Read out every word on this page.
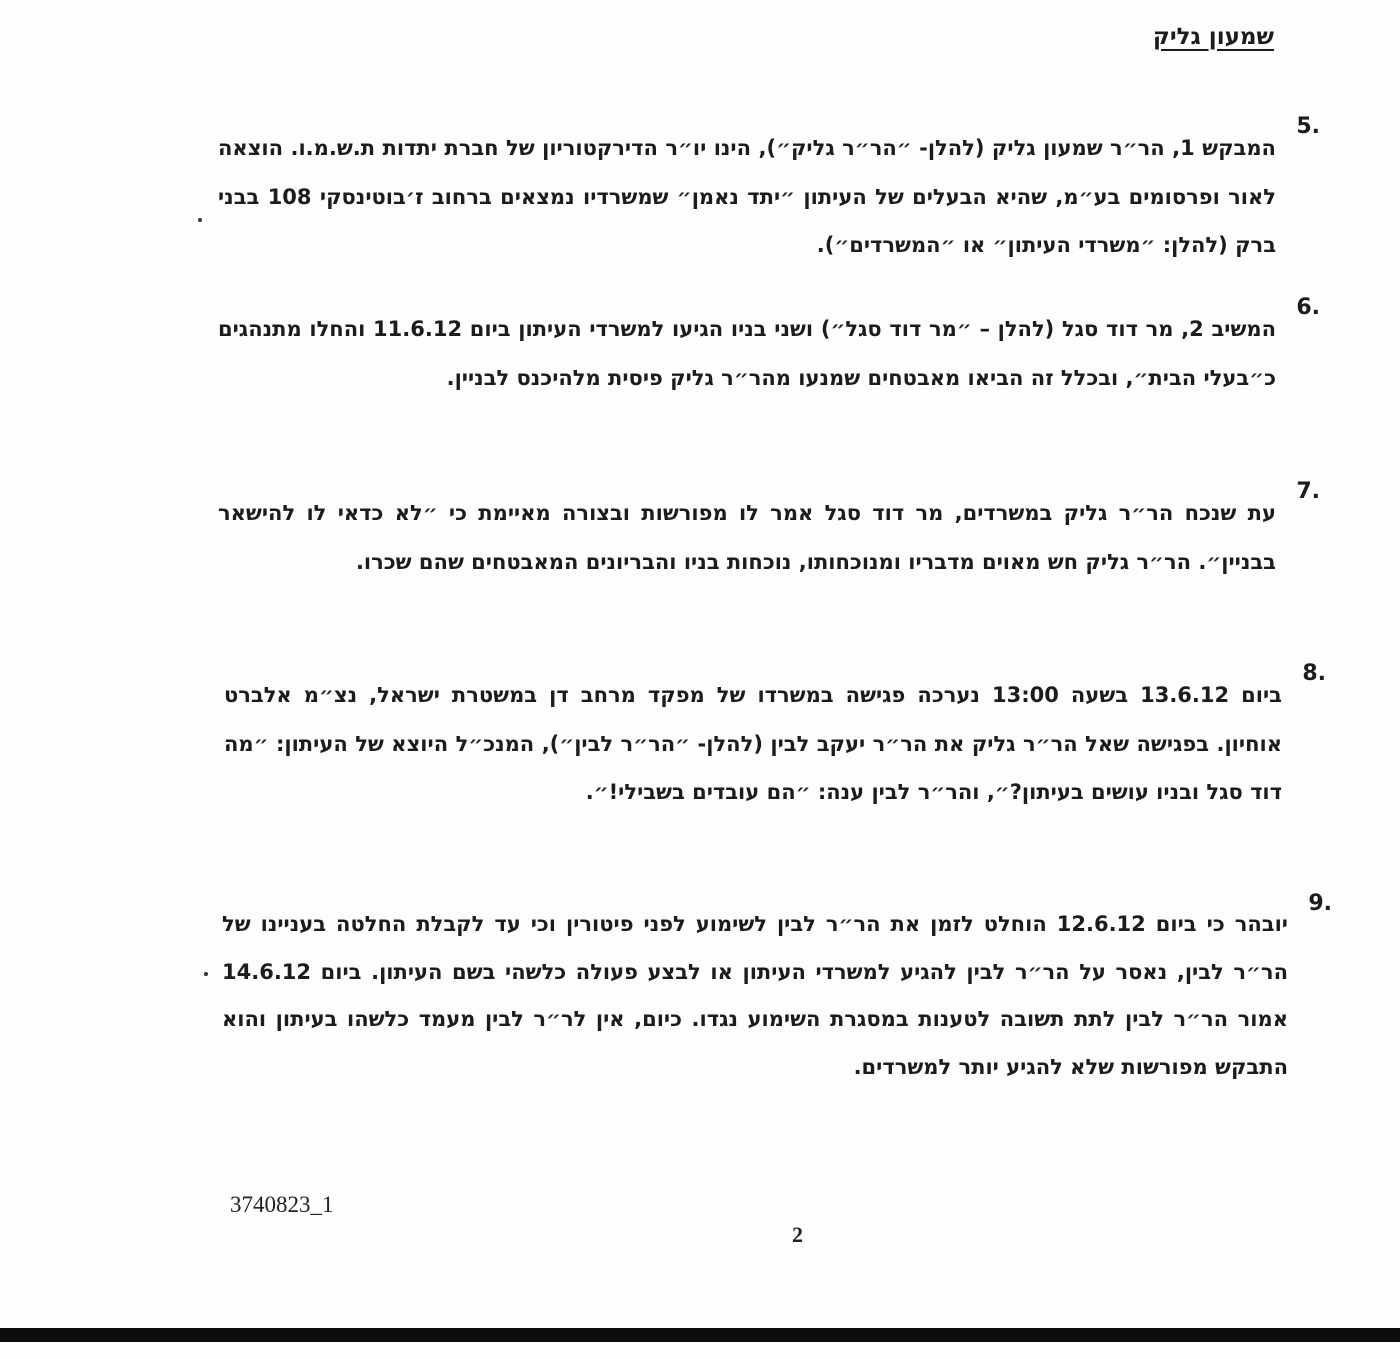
שמעון גליק
5.

המבקש 1, הר״ר שמעון גליק (להלן- ״הר״ר גליק״), הינו יו״ר הדירקטוריון של חברת יתדות ת.ש.מ.ו. הוצאה לאור ופרסומים בע״מ, שהיא הבעלים של העיתון ״יתד נאמן״ שמשרדיו נמצאים ברחוב ז׳בוטינסקי 108 בבני ברק (להלן: ״משרדי העיתון״ או ״המשרדים״).

6.

המשיב 2, מר דוד סגל (להלן – ״מר דוד סגל״) ושני בניו הגיעו למשרדי העיתון ביום 11.6.12 והחלו מתנהגים כ״בעלי הבית״, ובכלל זה הביאו מאבטחים שמנעו מהר״ר גליק פיסית מלהיכנס לבניין.

7.

עת שנכח הר״ר גליק במשרדים, מר דוד סגל אמר לו מפורשות ובצורה מאיימת כי ״לא כדאי לו להישאר בבניין״. הר״ר גליק חש מאוים מדבריו ומנוכחותו, נוכחות בניו והבריונים המאבטחים שהם שכרו.

8.

ביום 13.6.12 בשעה 13:00 נערכה פגישה במשרדו של מפקד מרחב דן במשטרת ישראל, נצ״מ אלברט אוחיון. בפגישה שאל הר״ר גליק את הר״ר יעקב לבין (להלן- ״הר״ר לבין״), המנכ״ל היוצא של העיתון: ״מה דוד סגל ובניו עושים בעיתון?״, והר״ר לבין ענה: ״הם עובדים בשבילי!״.

9.

יובהר כי ביום 12.6.12 הוחלט לזמן את הר״ר לבין לשימוע לפני פיטורין וכי עד לקבלת החלטה בעניינו של הר״ר לבין, נאסר על הר״ר לבין להגיע למשרדי העיתון או לבצע פעולה כלשהי בשם העיתון. ביום 14.6.12 אמור הר״ר לבין לתת תשובה לטענות במסגרת השימוע נגדו. כיום, אין לר״ר לבין מעמד כלשהו בעיתון והוא התבקש מפורשות שלא להגיע יותר למשרדים.

3740823_1

2
